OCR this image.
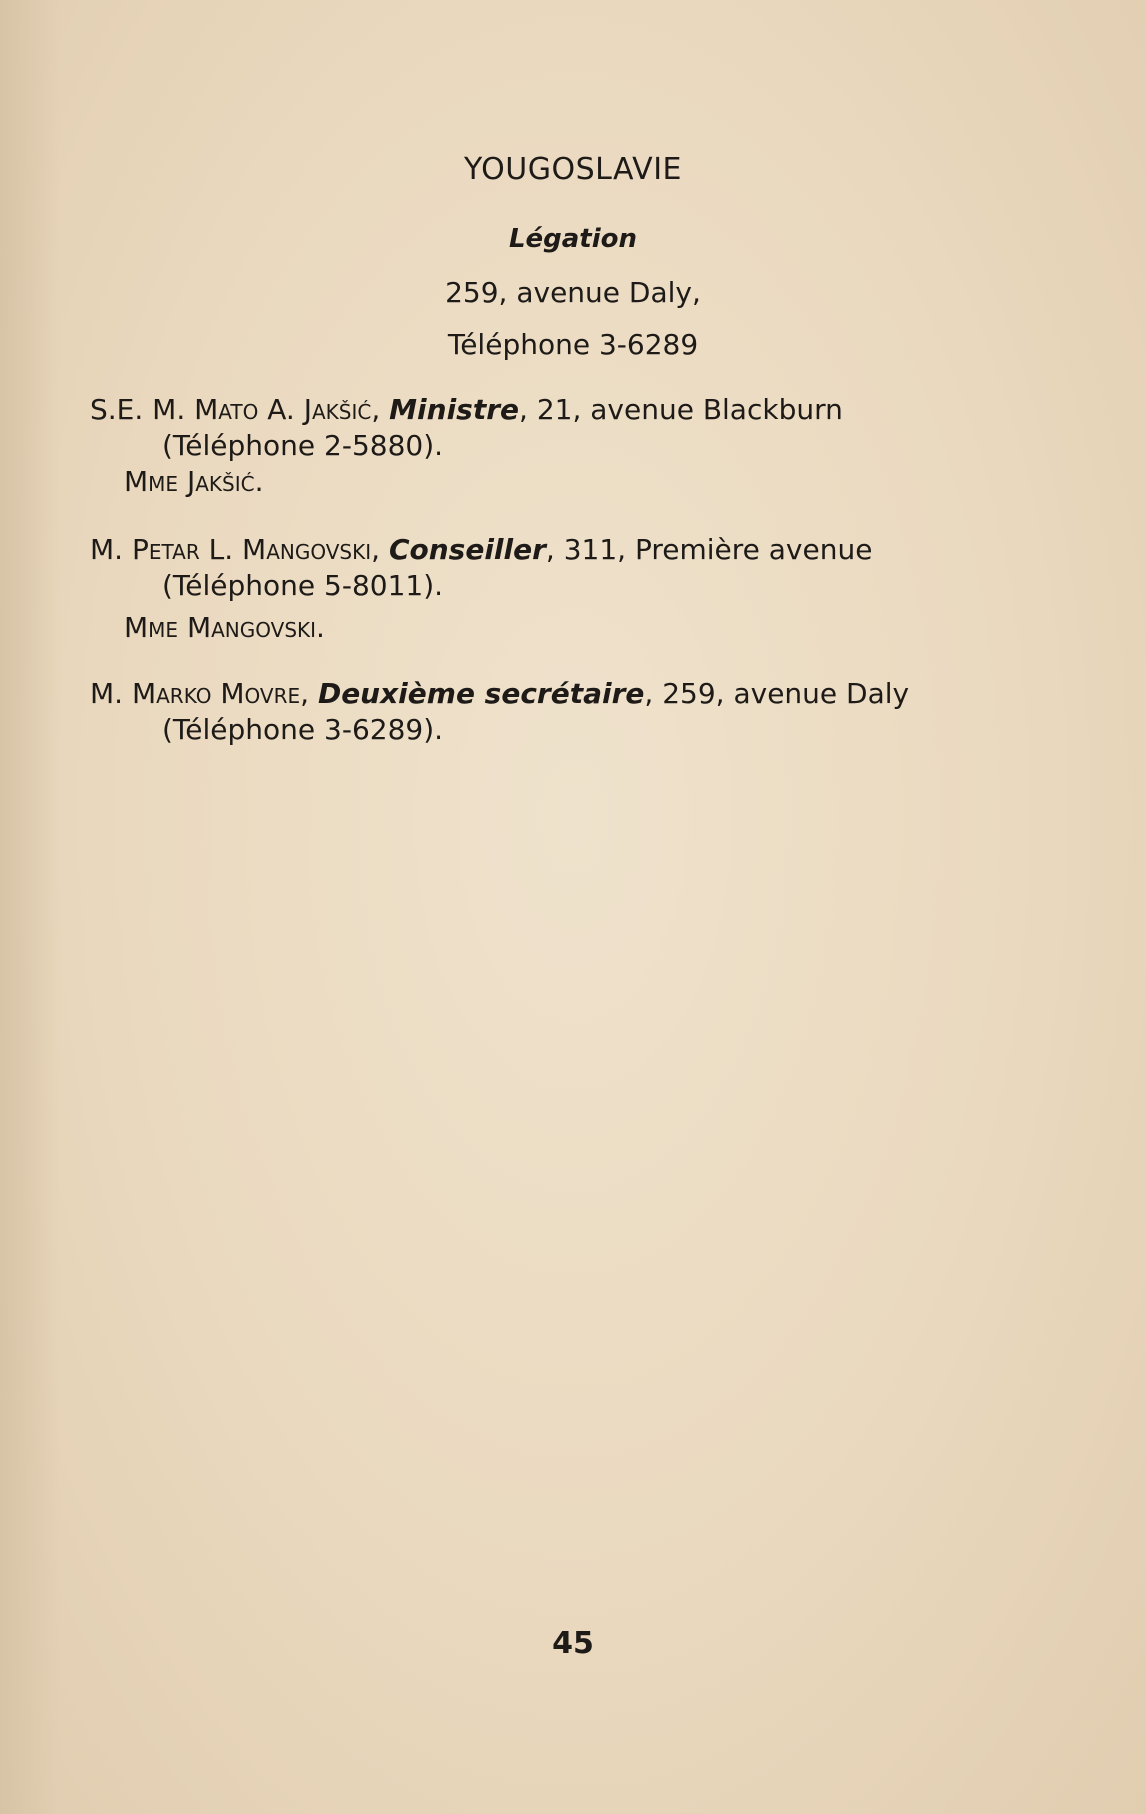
YOUGOSLAVIE
Légation
259, avenue Daly,
Téléphone 3-6289
S.E. M. Mato A. Jakšić, Ministre, 21, avenue Blackburn
(Téléphone 2-5880).
Mme Jakšić.
M. Petar L. Mangovski, Conseiller, 311, Première avenue
(Téléphone 5-8011).
Mme Mangovski.
M. Marko Movre, Deuxième secrétaire, 259, avenue Daly
(Téléphone 3-6289).
45
